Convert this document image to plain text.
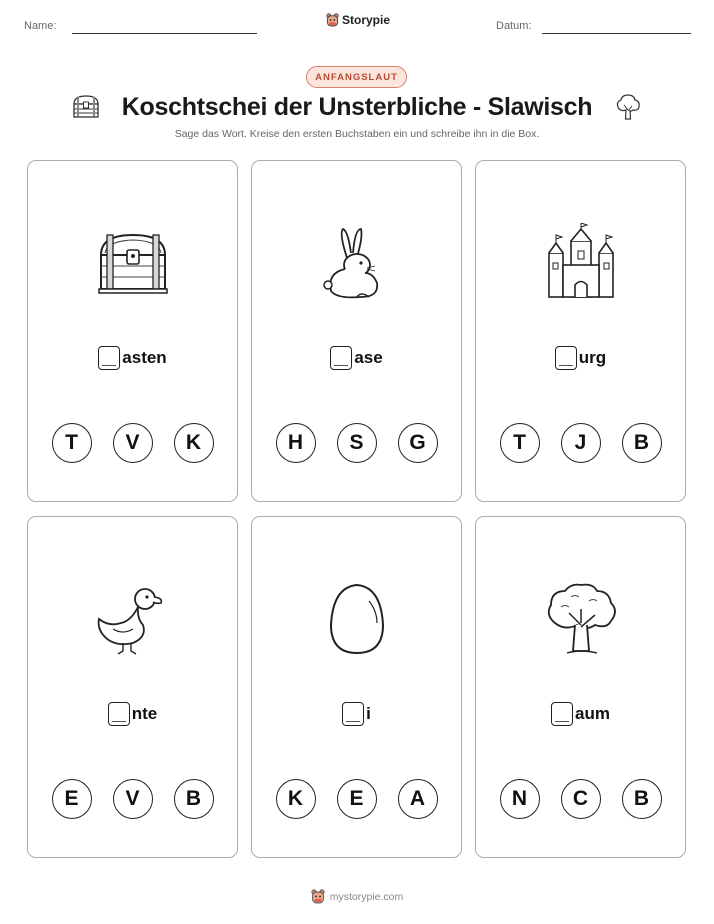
Name:	Storypie	Datum:
ANFANGSLAUT
Koschtschei der Unsterbliche - Slawisch
Sage das Wort. Kreise den ersten Buchstaben ein und schreibe ihn in die Box.
asten
T	V	K
ase
H	S	G
urg
T	J	B
nte
E	V	B
i
K	E	A
aum
N	C	B
mystorypie.com
